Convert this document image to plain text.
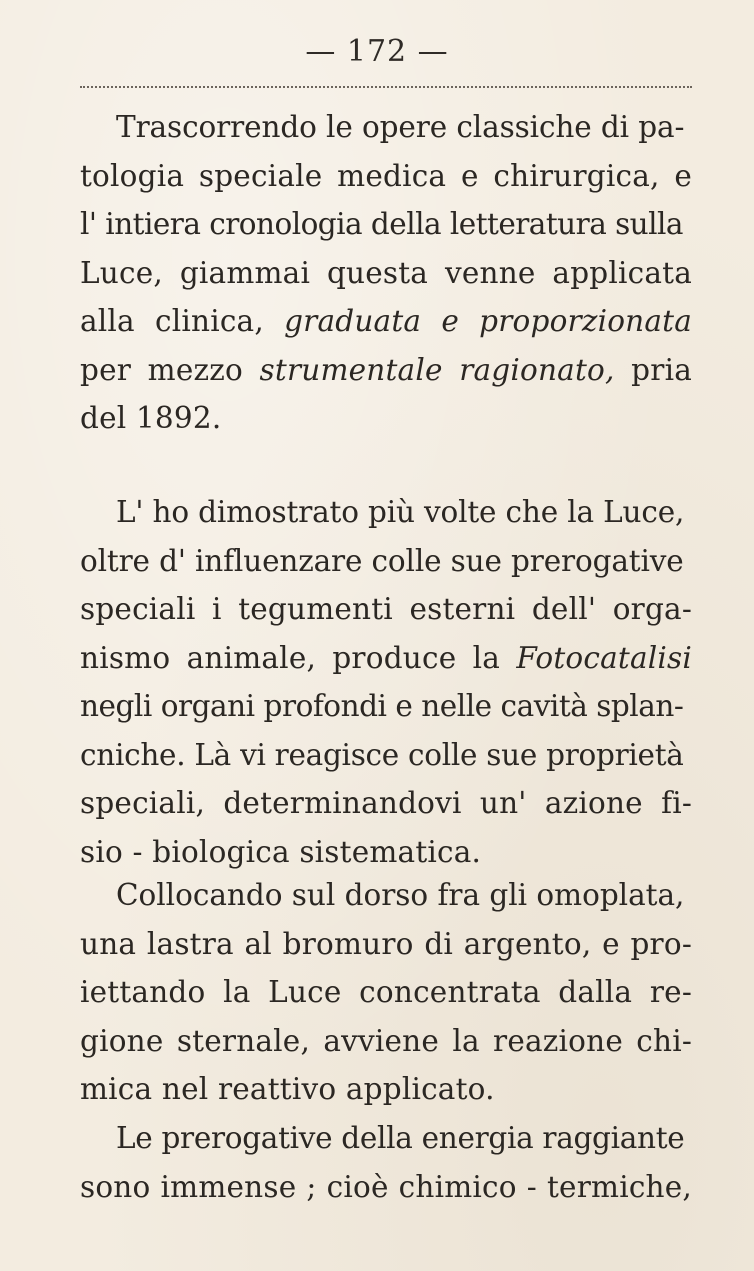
— 172 —
Trascorrendo le opere classiche di pa-
tologia speciale medica e chirurgica, e
l' intiera cronologia della letteratura sulla
Luce, giammai questa venne applicata
alla clinica, graduata e proporzionata
per mezzo strumentale ragionato, pria
del 1892.
L' ho dimostrato più volte che la Luce,
oltre d' influenzare colle sue prerogative
speciali i tegumenti esterni dell' orga-
nismo animale, produce la Fotocatalisi
negli organi profondi e nelle cavità splan-
cniche. Là vi reagisce colle sue proprietà
speciali, determinandovi un' azione fi-
sio - biologica sistematica.
Collocando sul dorso fra gli omoplata,
una lastra al bromuro di argento, e pro-
iettando la Luce concentrata dalla re-
gione sternale, avviene la reazione chi-
mica nel reattivo applicato.
Le prerogative della energia raggiante
sono immense ; cioè chimico - termiche,
